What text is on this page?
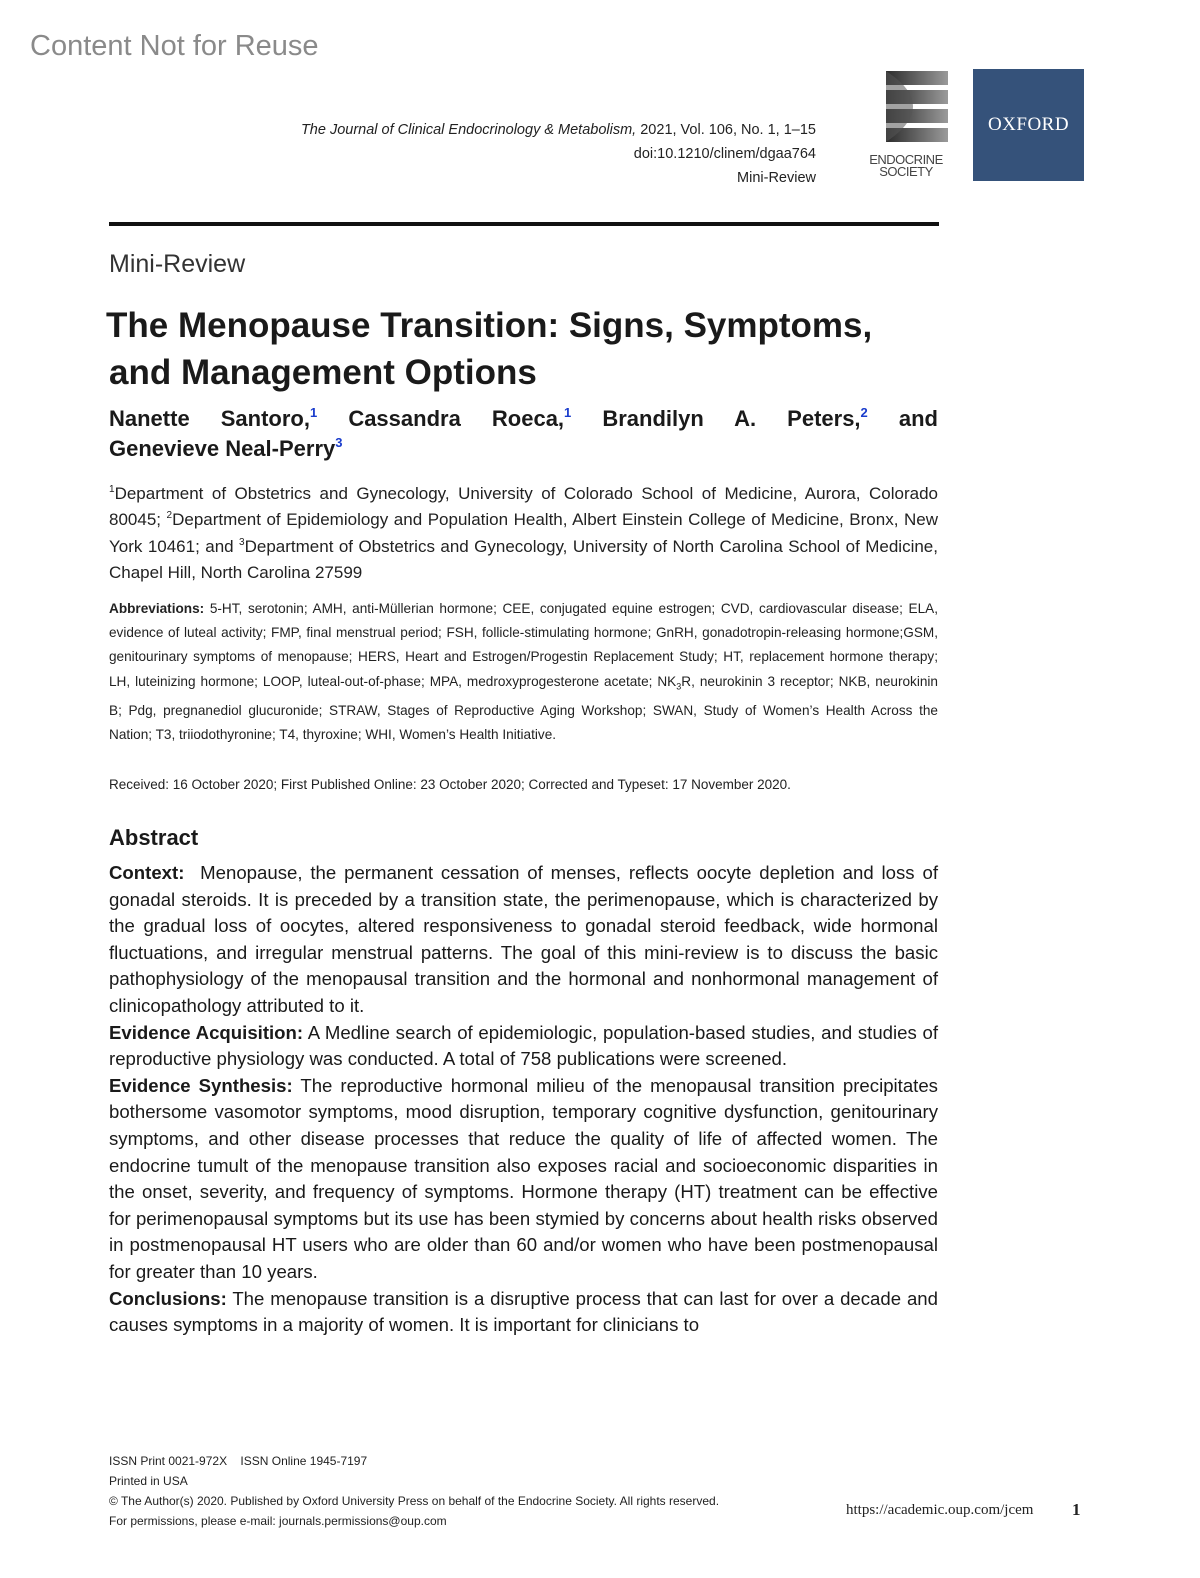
Content Not for Reuse
The Journal of Clinical Endocrinology & Metabolism, 2021, Vol. 106, No. 1, 1–15
doi:10.1210/clinem/dgaa764
Mini-Review
ENDOCRINE
SOCIETY
OXFORD
Mini-Review
The Menopause Transition: Signs, Symptoms,
and Management Options
Nanette Santoro,$^1$ Cassandra Roeca,$^1$ Brandilyn A. Peters,$^2$ and
Genevieve Neal-Perry$^3$
$^1$Department of Obstetrics and Gynecology, University of Colorado School of Medicine, Aurora, Colorado 80045; $^2$Department of Epidemiology and Population Health, Albert Einstein College of Medicine, Bronx, New York 10461; and $^3$Department of Obstetrics and Gynecology, University of North Carolina School of Medicine, Chapel Hill, North Carolina 27599
Abbreviations: 5-HT, serotonin; AMH, anti-Müllerian hormone; CEE, conjugated equine estrogen; CVD, cardiovascular disease; ELA, evidence of luteal activity; FMP, final menstrual period; FSH, follicle-stimulating hormone; GnRH, gonadotropin-releasing hormone;GSM, genitourinary symptoms of menopause; HERS, Heart and Estrogen/Progestin Replacement Study; HT, replacement hormone therapy; LH, luteinizing hormone; LOOP, luteal-out-of-phase; MPA, medroxyprogesterone acetate; $NK_3R$, neurokinin 3 receptor; NKB, neurokinin B; Pdg, pregnanediol glucuronide; STRAW, Stages of Reproductive Aging Workshop; SWAN, Study of Women’s Health Across the Nation; T3, triiodothyronine; T4, thyroxine; WHI, Women’s Health Initiative.
Received: 16 October 2020; First Published Online: 23 October 2020; Corrected and Typeset: 17 November 2020.
Abstract

Context:  Menopause, the permanent cessation of menses, reflects oocyte depletion and loss of gonadal steroids. It is preceded by a transition state, the perimenopause, which is characterized by the gradual loss of oocytes, altered responsiveness to gonadal steroid feedback, wide hormonal fluctuations, and irregular menstrual patterns. The goal of this mini-review is to discuss the basic pathophysiology of the menopausal transition and the hormonal and nonhormonal management of clinicopathology attributed to it.

Evidence Acquisition: A Medline search of epidemiologic, population-based studies, and studies of reproductive physiology was conducted. A total of 758 publications were screened.

Evidence Synthesis: The reproductive hormonal milieu of the menopausal transition precipitates bothersome vasomotor symptoms, mood disruption, temporary cognitive dysfunction, genitourinary symptoms, and other disease processes that reduce the quality of life of affected women. The endocrine tumult of the menopause transition also exposes racial and socioeconomic disparities in the onset, severity, and frequency of symptoms. Hormone therapy (HT) treatment can be effective for perimenopausal symptoms but its use has been stymied by concerns about health risks observed in postmenopausal HT users who are older than 60 and/or women who have been postmenopausal for greater than 10 years.

Conclusions: The menopause transition is a disruptive process that can last for over a decade and causes symptoms in a majority of women. It is important for clinicians to

ISSN Print 0021-972X    ISSN Online 1945-7197
Printed in USA
© The Author(s) 2020. Published by Oxford University Press on behalf of the Endocrine Society. All rights reserved.
For permissions, please e-mail: journals.permissions@oup.com
https://academic.oup.com/jcem 1
